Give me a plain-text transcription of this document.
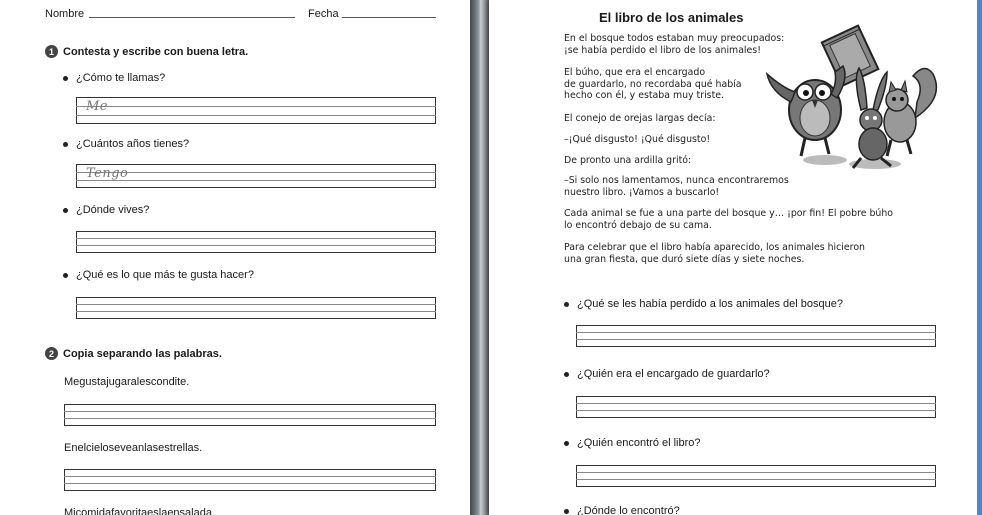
Nombre	Fecha
1 Contesta y escribe con buena letra.
¿Cómo te llamas?
Me
¿Cuántos años tienes?
Tengo
¿Dónde vives?
¿Qué es lo que más te gusta hacer?
2 Copia separando las palabras.
Megustajugaralescondite.
Enelcieloseveanlasestrellas.
Micomidafavoritaeslaensalada.
El libro de los animales
En el bosque todos estaban muy preocupados:
¡se había perdido el libro de los animales!
El búho, que era el encargado
de guardarlo, no recordaba qué había
hecho con él, y estaba muy triste.
El conejo de orejas largas decía:
–¡Qué disgusto! ¡Qué disgusto!
De pronto una ardilla gritó:
–Si solo nos lamentamos, nunca encontraremos
nuestro libro. ¡Vamos a buscarlo!
Cada animal se fue a una parte del bosque y… ¡por fin! El pobre búho
lo encontró debajo de su cama.
Para celebrar que el libro había aparecido, los animales hicieron
una gran fiesta, que duró siete días y siete noches.
¿Qué se les había perdido a los animales del bosque?
¿Quién era el encargado de guardarlo?
¿Quién encontró el libro?
¿Dónde lo encontró?
